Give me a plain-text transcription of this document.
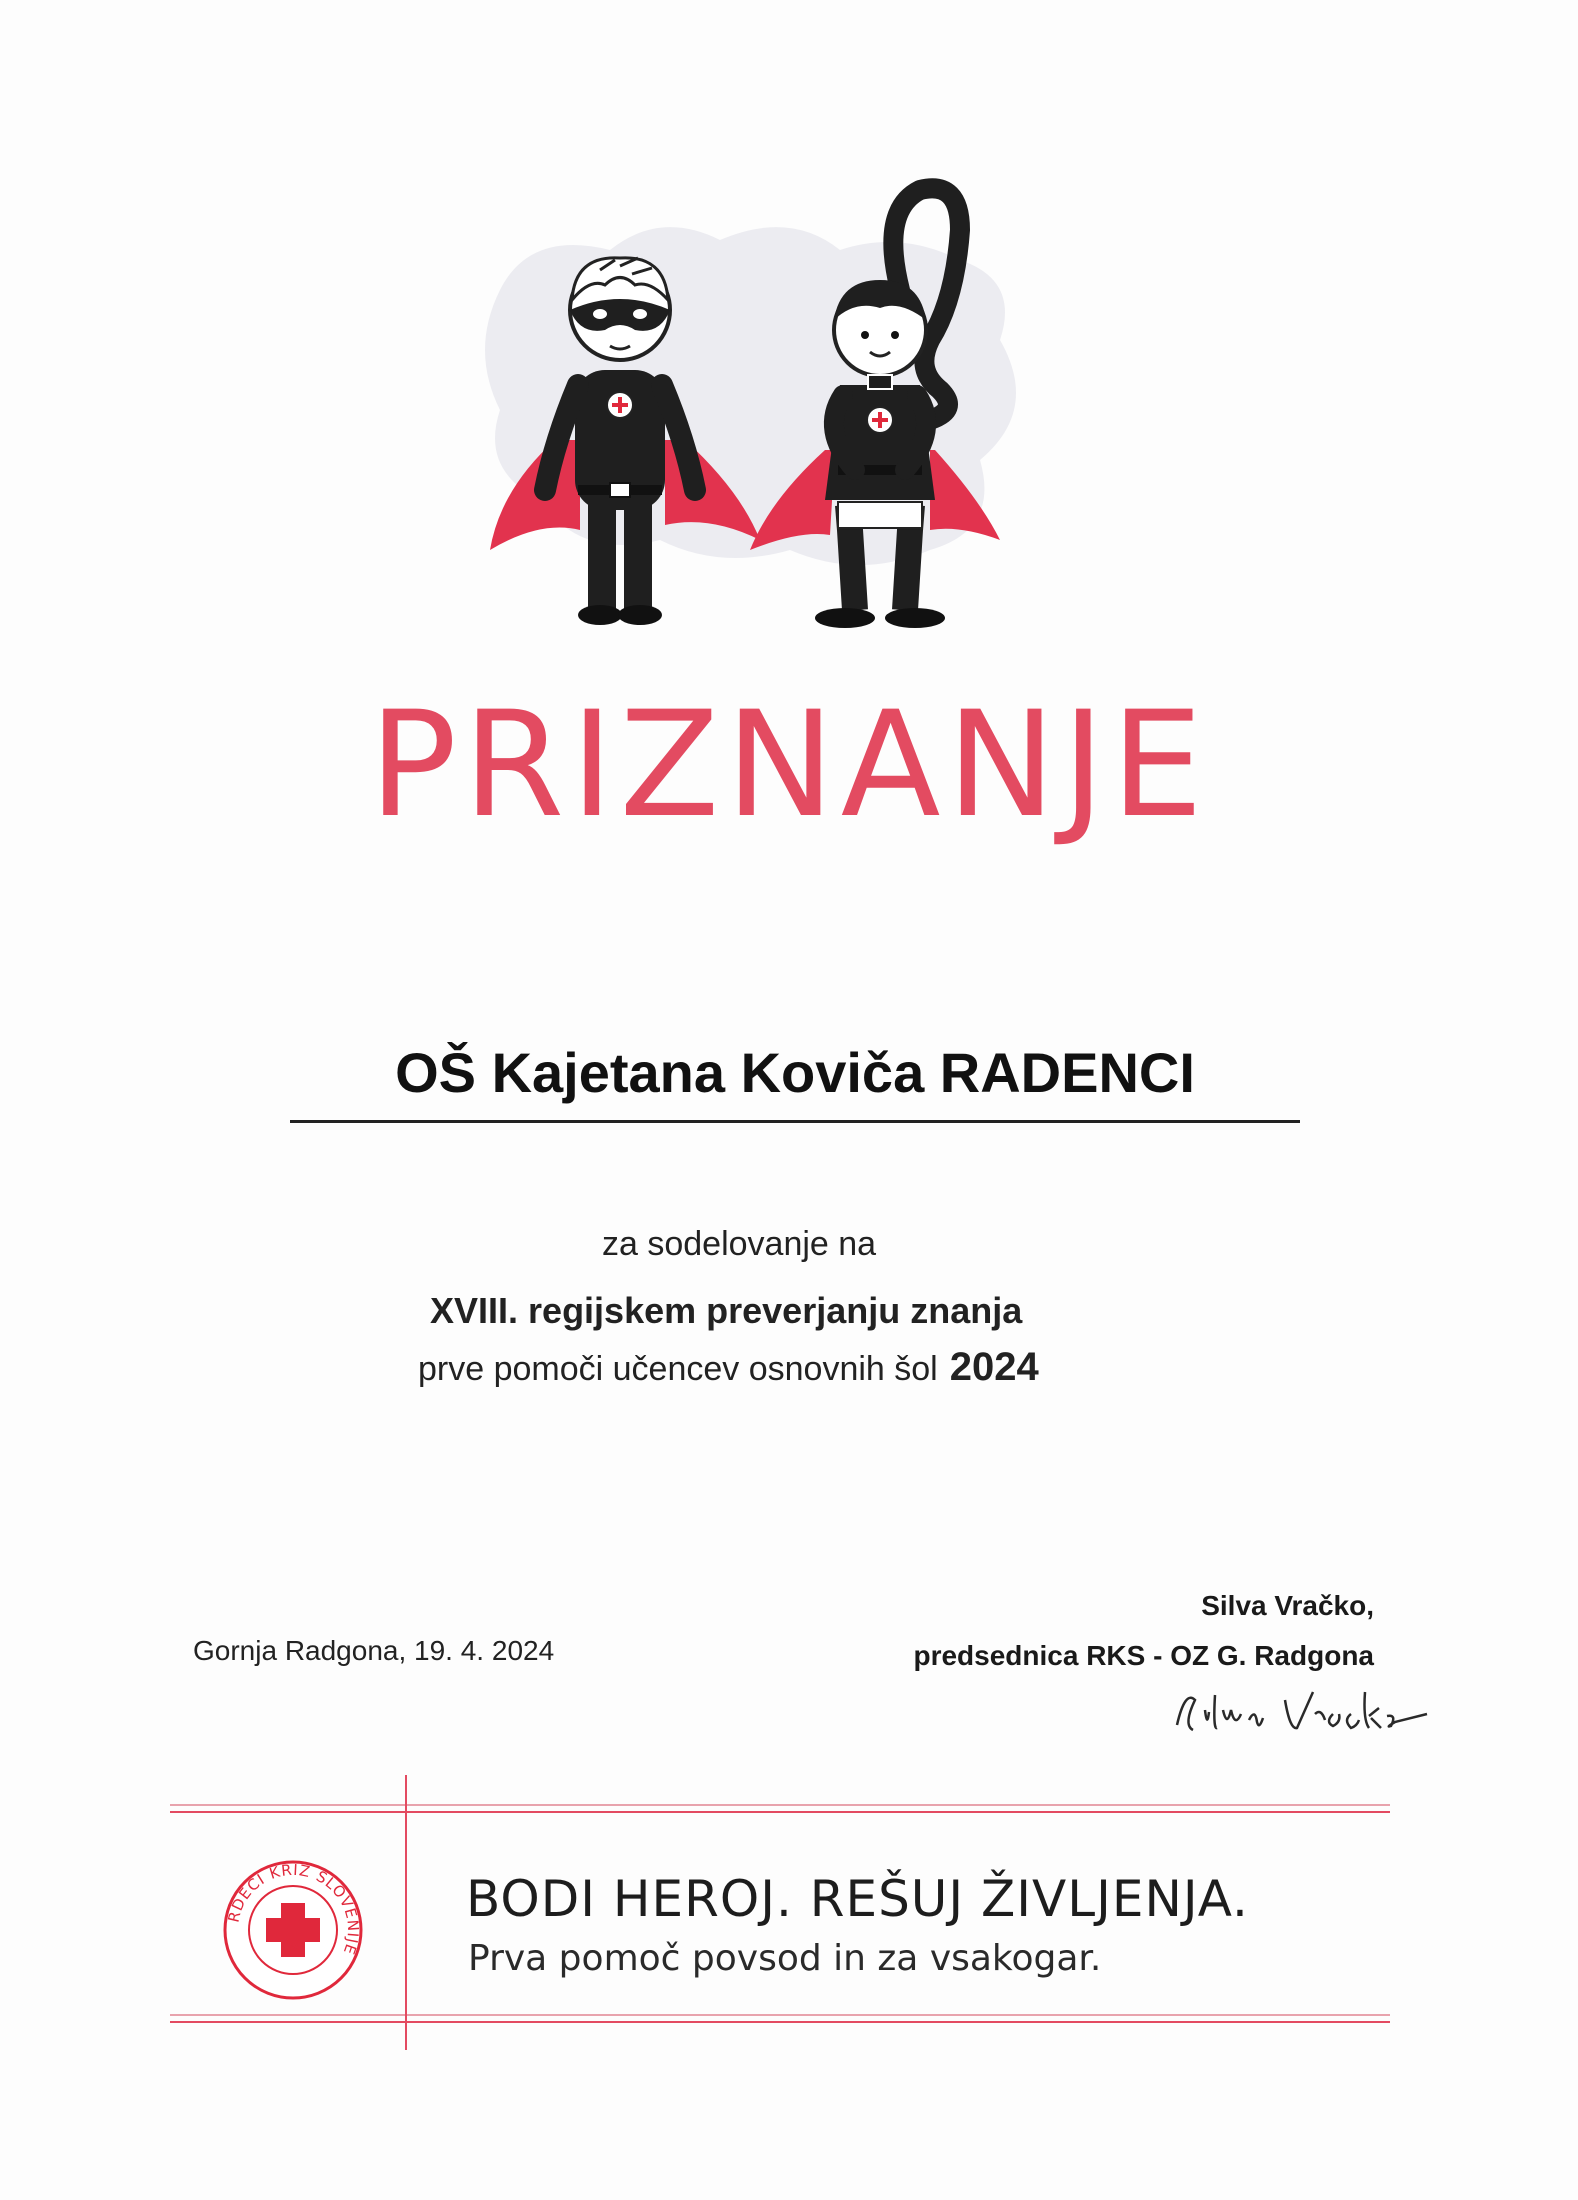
PRIZNANJE
OŠ Kajetana Koviča RADENCI
za sodelovanje na
XVIII. regijskem preverjanju znanja
prve pomoči učencev osnovnih šol 2024
Gornja Radgona, 19. 4. 2024
Silva Vračko,
predsednica RKS - OZ G. Radgona
RDEČI KRIŽ SLOVENIJE
BODI HEROJ. REŠUJ ŽIVLJENJA.
Prva pomoč povsod in za vsakogar.
